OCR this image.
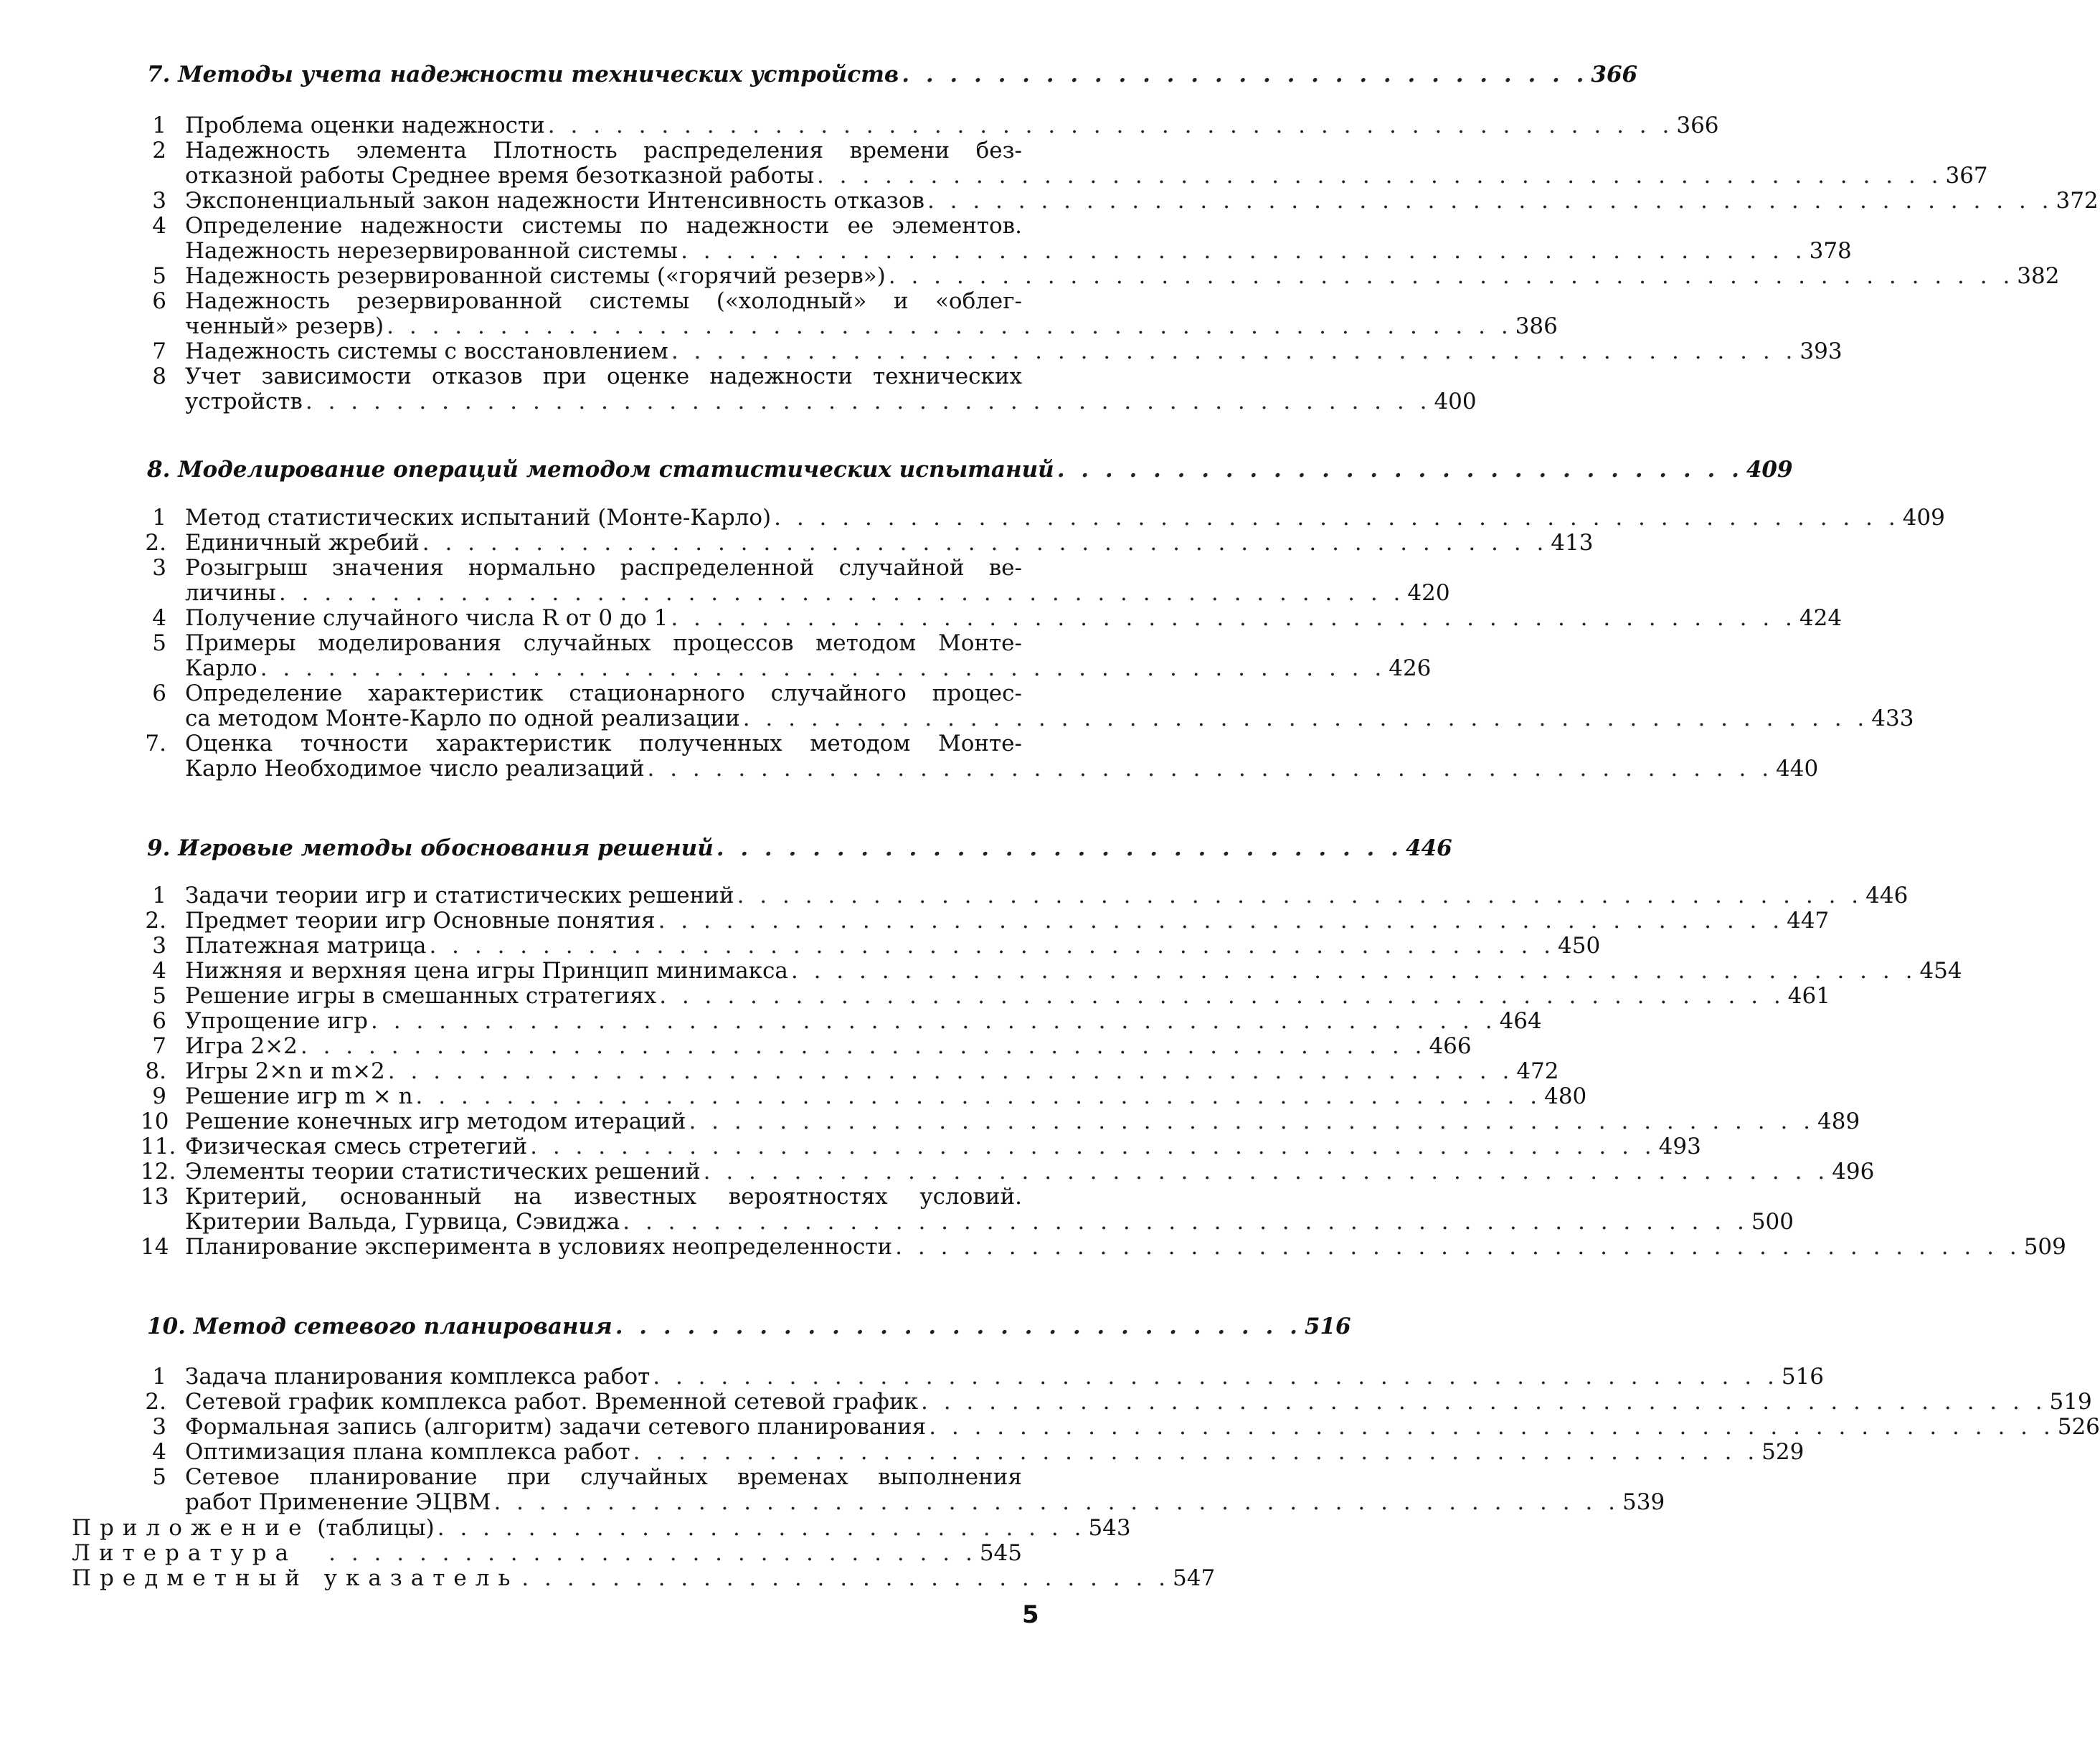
7. Методы учета надежности технических устройств . . . . . . . . . . . . . . . . . . . . . . . . . . . . . 366
1 Проблема оценки надежности . . . . . . . . . . . . . . . . . . . . . . . . . . . . . . . . . . . . . . . . . . . . . . . . . . 366
2 Надежность элемента Плотность распределения времени без-
отказной работы Среднее время безотказной работы . . . . . . . . . . . . . . . . . . . . . . . . . . . . . . . . . . . . . . . . . . . . . . . . . . 367
3 Экспоненциальный закон надежности Интенсивность отказов . . . . . . . . . . . . . . . . . . . . . . . . . . . . . . . . . . . . . . . . . . . . . . . . . . 372
4 Определение надежности системы по надежности ее элементов.
Надежность нерезервированной системы . . . . . . . . . . . . . . . . . . . . . . . . . . . . . . . . . . . . . . . . . . . . . . . . . . 378
5 Надежность резервированной системы («горячий резерв») . . . . . . . . . . . . . . . . . . . . . . . . . . . . . . . . . . . . . . . . . . . . . . . . . . 382
6 Надежность резервированной системы («холодный» и «облег-
ченный» резерв) . . . . . . . . . . . . . . . . . . . . . . . . . . . . . . . . . . . . . . . . . . . . . . . . . . 386
7 Надежность системы с восстановлением . . . . . . . . . . . . . . . . . . . . . . . . . . . . . . . . . . . . . . . . . . . . . . . . . . 393
8 Учет зависимости отказов при оценке надежности технических
устройств . . . . . . . . . . . . . . . . . . . . . . . . . . . . . . . . . . . . . . . . . . . . . . . . . . 400
8. Моделирование операций методом статистических испытаний . . . . . . . . . . . . . . . . . . . . . . . . . . . . . 409
1 Метод статистических испытаний (Монте-Карло) . . . . . . . . . . . . . . . . . . . . . . . . . . . . . . . . . . . . . . . . . . . . . . . . . . 409
2. Единичный жребий . . . . . . . . . . . . . . . . . . . . . . . . . . . . . . . . . . . . . . . . . . . . . . . . . . 413
3 Розыгрыш значения нормально распределенной случайной ве-
личины . . . . . . . . . . . . . . . . . . . . . . . . . . . . . . . . . . . . . . . . . . . . . . . . . . 420
4 Получение случайного числа R от 0 до 1 . . . . . . . . . . . . . . . . . . . . . . . . . . . . . . . . . . . . . . . . . . . . . . . . . . 424
5 Примеры моделирования случайных процессов методом Монте-
Карло . . . . . . . . . . . . . . . . . . . . . . . . . . . . . . . . . . . . . . . . . . . . . . . . . . 426
6 Определение характеристик стационарного случайного процес-
са методом Монте-Карло по одной реализации . . . . . . . . . . . . . . . . . . . . . . . . . . . . . . . . . . . . . . . . . . . . . . . . . . 433
7. Оценка точности характеристик полученных методом Монте-
Карло Необходимое число реализаций . . . . . . . . . . . . . . . . . . . . . . . . . . . . . . . . . . . . . . . . . . . . . . . . . . 440
9. Игровые методы обоснования решений . . . . . . . . . . . . . . . . . . . . . . . . . . . . . 446
1 Задачи теории игр и статистических решений . . . . . . . . . . . . . . . . . . . . . . . . . . . . . . . . . . . . . . . . . . . . . . . . . . 446
2. Предмет теории игр Основные понятия . . . . . . . . . . . . . . . . . . . . . . . . . . . . . . . . . . . . . . . . . . . . . . . . . . 447
3 Платежная матрица . . . . . . . . . . . . . . . . . . . . . . . . . . . . . . . . . . . . . . . . . . . . . . . . . . 450
4 Нижняя и верхняя цена игры Принцип минимакса . . . . . . . . . . . . . . . . . . . . . . . . . . . . . . . . . . . . . . . . . . . . . . . . . . 454
5 Решение игры в смешанных стратегиях . . . . . . . . . . . . . . . . . . . . . . . . . . . . . . . . . . . . . . . . . . . . . . . . . . 461
6 Упрощение игр . . . . . . . . . . . . . . . . . . . . . . . . . . . . . . . . . . . . . . . . . . . . . . . . . . 464
7 Игра 2×2 . . . . . . . . . . . . . . . . . . . . . . . . . . . . . . . . . . . . . . . . . . . . . . . . . . 466
8. Игры 2×n и m×2 . . . . . . . . . . . . . . . . . . . . . . . . . . . . . . . . . . . . . . . . . . . . . . . . . . 472
9 Решение игр m × n . . . . . . . . . . . . . . . . . . . . . . . . . . . . . . . . . . . . . . . . . . . . . . . . . . 480
10 Решение конечных игр методом итераций . . . . . . . . . . . . . . . . . . . . . . . . . . . . . . . . . . . . . . . . . . . . . . . . . . 489
11. Физическая смесь стретегий . . . . . . . . . . . . . . . . . . . . . . . . . . . . . . . . . . . . . . . . . . . . . . . . . . 493
12. Элементы теории статистических решений . . . . . . . . . . . . . . . . . . . . . . . . . . . . . . . . . . . . . . . . . . . . . . . . . . 496
13 Критерий, основанный на известных вероятностях условий.
Критерии Вальда, Гурвица, Сэвиджа . . . . . . . . . . . . . . . . . . . . . . . . . . . . . . . . . . . . . . . . . . . . . . . . . . 500
14 Планирование эксперимента в условиях неопределенности . . . . . . . . . . . . . . . . . . . . . . . . . . . . . . . . . . . . . . . . . . . . . . . . . . 509
10. Метод сетевого планирования . . . . . . . . . . . . . . . . . . . . . . . . . . . . . 516
1 Задача планирования комплекса работ . . . . . . . . . . . . . . . . . . . . . . . . . . . . . . . . . . . . . . . . . . . . . . . . . . 516
2. Сетевой график комплекса работ. Временной сетевой график . . . . . . . . . . . . . . . . . . . . . . . . . . . . . . . . . . . . . . . . . . . . . . . . . . 519
3 Формальная запись (алгоритм) задачи сетевого планирования . . . . . . . . . . . . . . . . . . . . . . . . . . . . . . . . . . . . . . . . . . . . . . . . . . 526
4 Оптимизация плана комплекса работ . . . . . . . . . . . . . . . . . . . . . . . . . . . . . . . . . . . . . . . . . . . . . . . . . . 529
5 Сетевое планирование при случайных временах выполнения
работ Применение ЭЦВМ . . . . . . . . . . . . . . . . . . . . . . . . . . . . . . . . . . . . . . . . . . . . . . . . . . 539
Приложение (таблицы) . . . . . . . . . . . . . . . . . . . . . . . . . . . . . 543
Литература	. . . . . . . . . . . . . . . . . . . . . . . . . . . . . 545
Предметный указатель . . . . . . . . . . . . . . . . . . . . . . . . . . . . . 547
5
